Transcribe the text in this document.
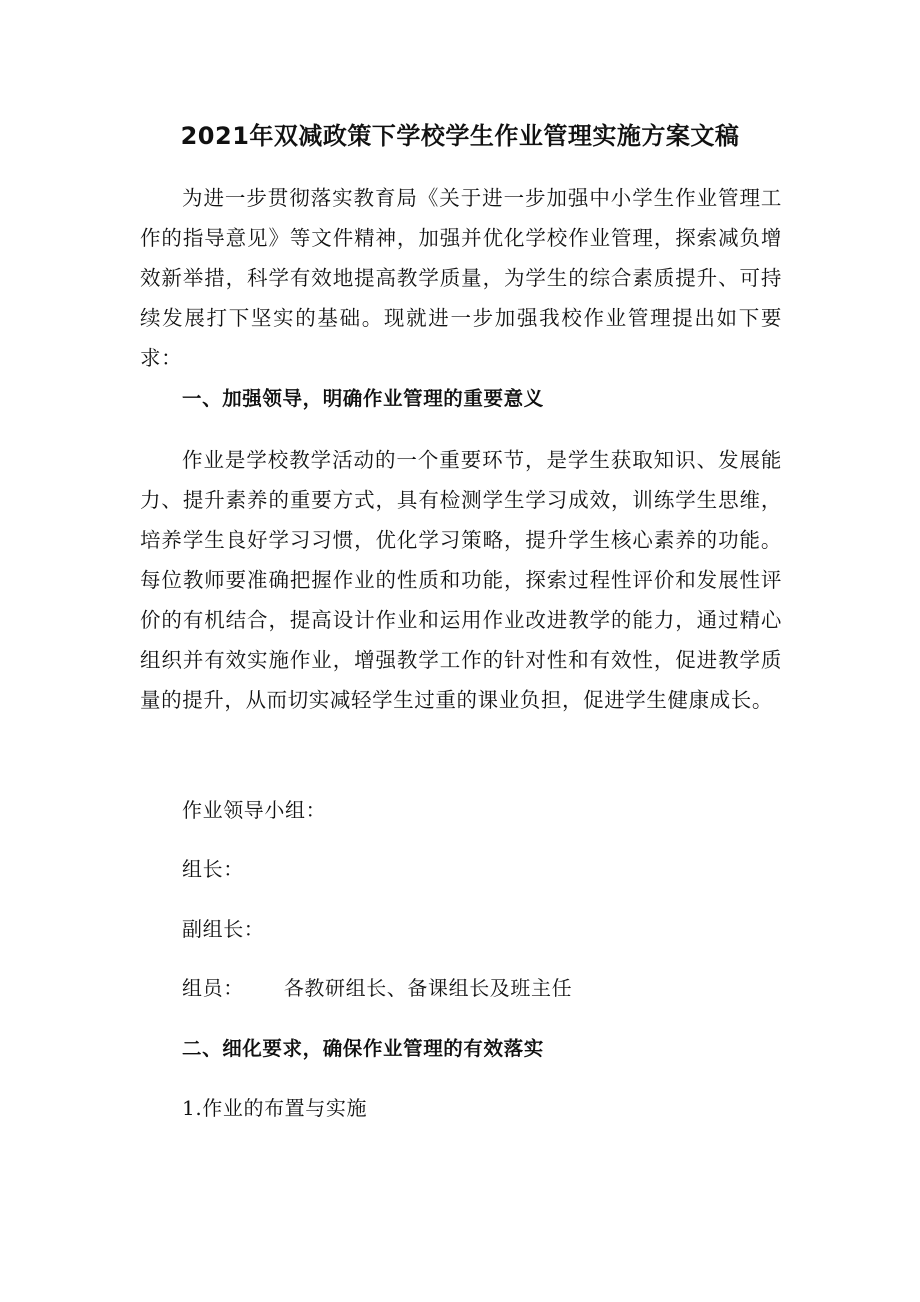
2021年双减政策下学校学生作业管理实施方案文稿

为进一步贯彻落实教育局《关于进一步加强中小学生作业管理工作的指导意见》等文件精神，加强并优化学校作业管理，探索减负增效新举措，科学有效地提高教学质量，为学生的综合素质提升、可持续发展打下坚实的基础。现就进一步加强我校作业管理提出如下要求：

一、加强领导，明确作业管理的重要意义

作业是学校教学活动的一个重要环节，是学生获取知识、发展能力、提升素养的重要方式，具有检测学生学习成效，训练学生思维，培养学生良好学习习惯，优化学习策略，提升学生核心素养的功能。每位教师要准确把握作业的性质和功能，探索过程性评价和发展性评价的有机结合，提高设计作业和运用作业改进教学的能力，通过精心组织并有效实施作业，增强教学工作的针对性和有效性，促进教学质量的提升，从而切实减轻学生过重的课业负担，促进学生健康成长。

作业领导小组：

组长：

副组长：

组员： 各教研组长、备课组长及班主任

二、细化要求，确保作业管理的有效落实

1.作业的布置与实施
